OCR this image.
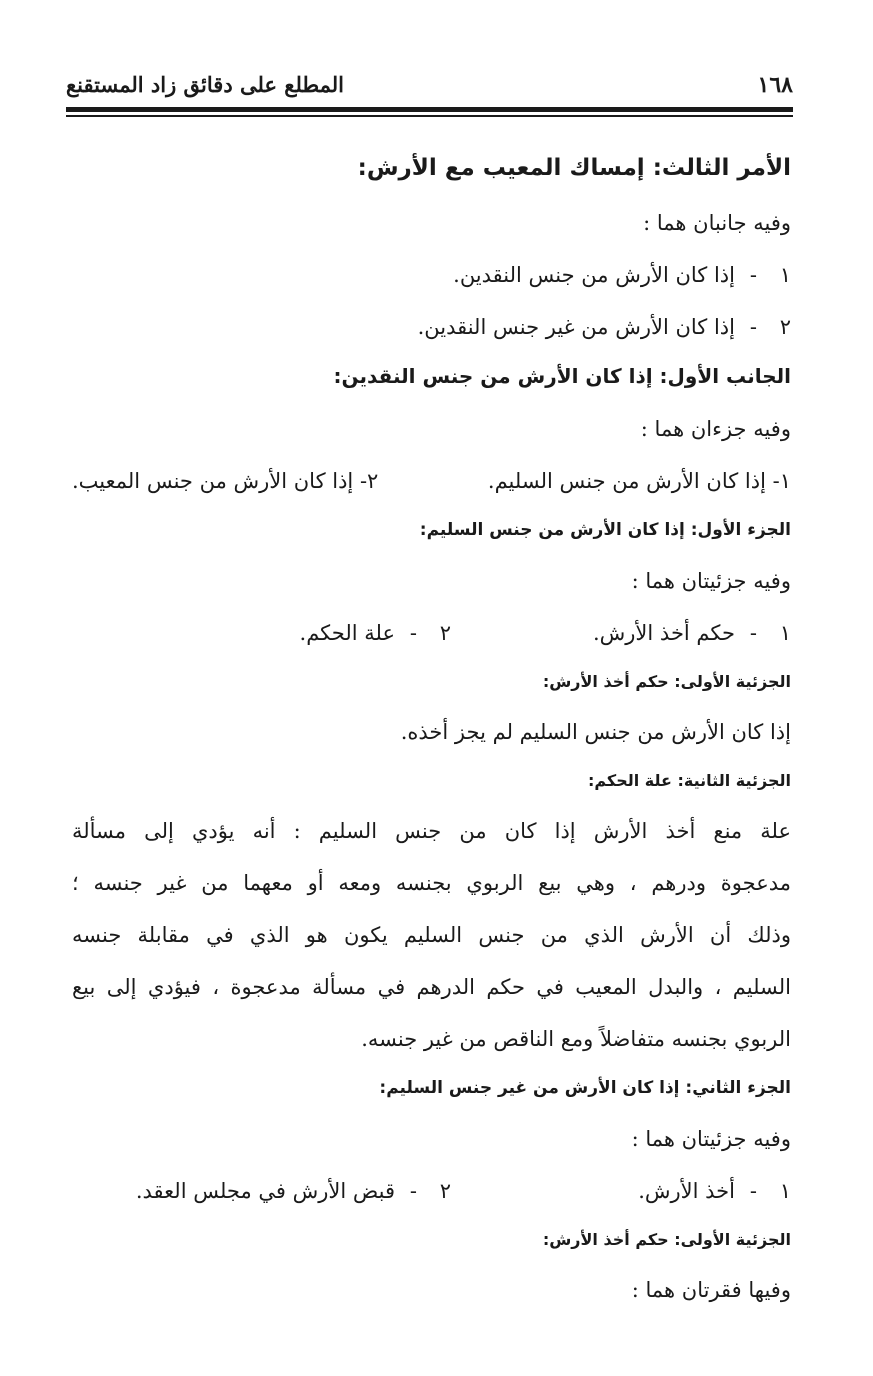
١٦٨
المطلع على دقائق زاد المستقنع

الأمر الثالث: إمساك المعيب مع الأرش:

وفيه جانبان هما :

١-إذا كان الأرش من جنس النقدين.

٢-إذا كان الأرش من غير جنس النقدين.

الجانب الأول: إذا كان الأرش من جنس النقدين:

وفيه جزءان هما :

١- إذا كان الأرش من جنس السليم.
٢- إذا كان الأرش من جنس المعيب.

الجزء الأول: إذا كان الأرش من جنس السليم:

وفيه جزئيتان هما :

١-حكم أخذ الأرش.
٢-علة الحكم.

الجزئية الأولى: حكم أخذ الأرش:

إذا كان الأرش من جنس السليم لم يجز أخذه.

الجزئية الثانية: علة الحكم:

علة منع أخذ الأرش إذا كان من جنس السليم : أنه يؤدي إلى مسألة

مدعجوة ودرهم ، وهي بيع الربوي بجنسه ومعه أو معهما من غير جنسه ؛

وذلك أن الأرش الذي من جنس السليم يكون هو الذي في مقابلة جنسه

السليم ، والبدل المعيب في حكم الدرهم في مسألة مدعجوة ، فيؤدي إلى بيع

الربوي بجنسه متفاضلاً ومع الناقص من غير جنسه.

الجزء الثاني: إذا كان الأرش من غير جنس السليم:

وفيه جزئيتان هما :

١-أخذ الأرش.
٢-قبض الأرش في مجلس العقد.

الجزئية الأولى: حكم أخذ الأرش:

وفيها فقرتان هما :
